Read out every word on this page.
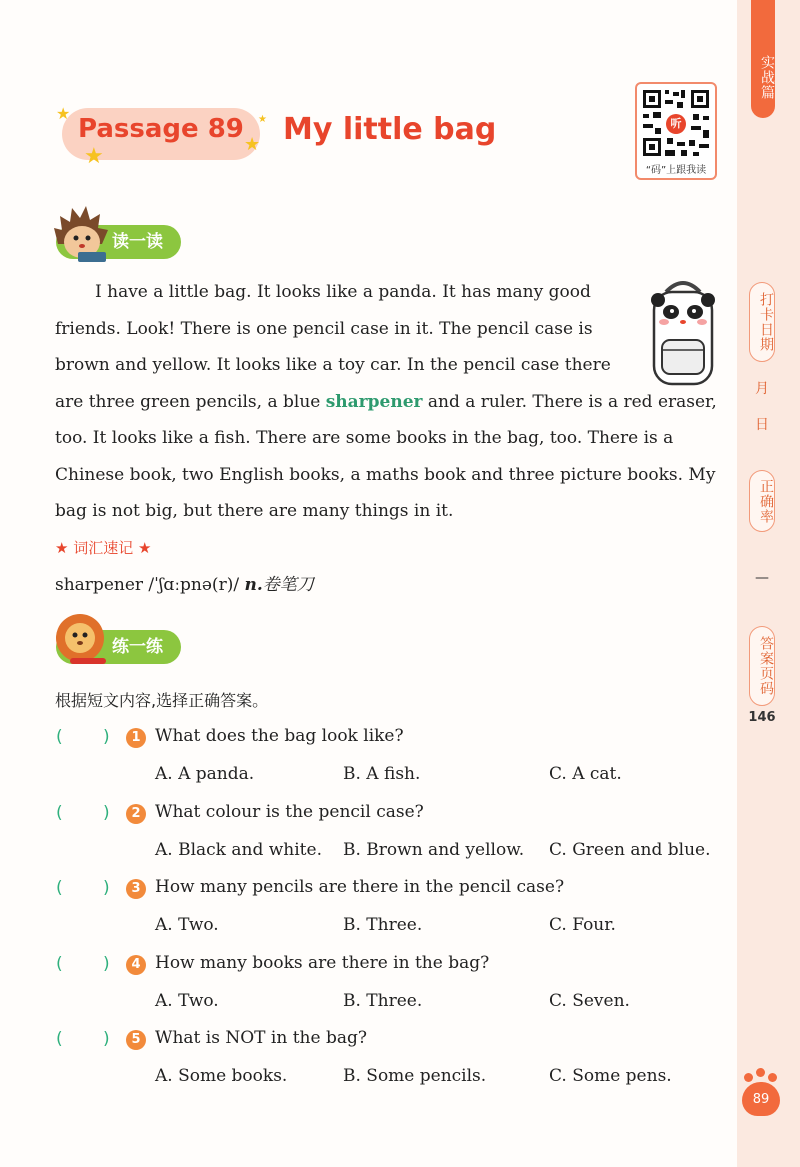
实战篇
打卡日期
月
日
正确率
—
答案页码
146
89
★
★	★
★
Passage 89 My little bag	听
“码”上跟我读
读一读
I have a little bag. It looks like a panda. It has many good
friends. Look! There is one pencil case in it. The pencil case is
brown and yellow. It looks like a toy car. In the pencil case there
are three green pencils, a blue sharpener and a ruler. There is a red eraser,
too. It looks like a fish. There are some books in the bag, too. There is a
Chinese book, two English books, a maths book and three picture books. My
bag is not big, but there are many things in it.
★ 词汇速记 ★
sharpener /ˈʃɑːpnə(r)/ n.卷笔刀
练一练
根据短文内容,选择正确答案。
( )	1 What does the bag look like?
A. A panda.	B. A fish.	C. A cat.
( )	2 What colour is the pencil case?
A. Black and white. B. Brown and yellow. C. Green and blue.
( )	3 How many pencils are there in the pencil case?
A. Two.	B. Three.	C. Four.
( )	4 How many books are there in the bag?
A. Two.	B. Three.	C. Seven.
( )	5 What is NOT in the bag?
A. Some books.	B. Some pencils.	C. Some pens.
